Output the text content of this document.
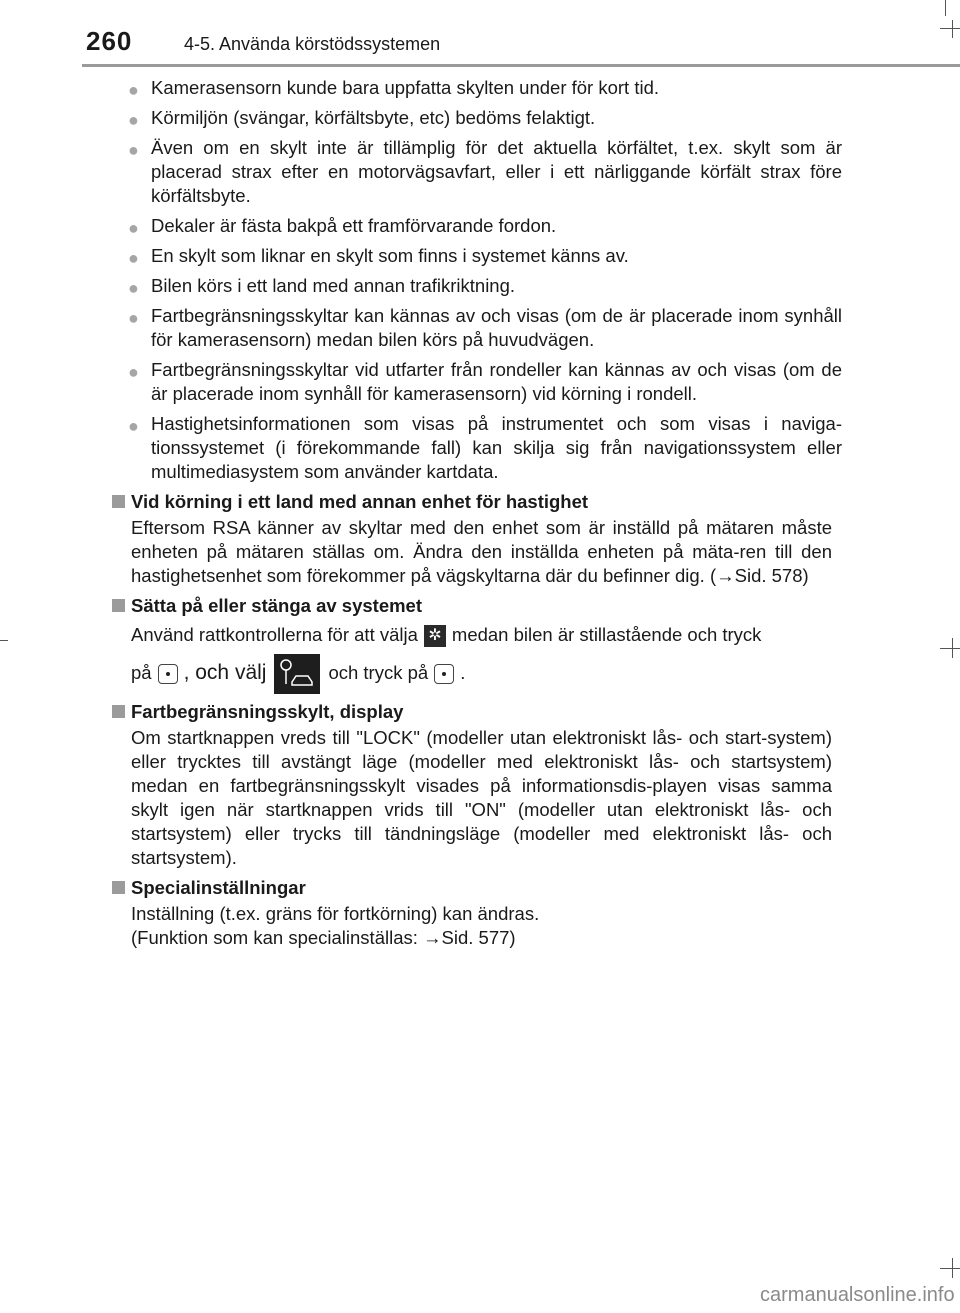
260	4-5. Använda körstödssystemen
● Kamerasensorn kunde bara uppfatta skylten under för kort tid.
● Körmiljön (svängar, körfältsbyte, etc) bedöms felaktigt.
● Även om en skylt inte är tillämplig för det aktuella körfältet, t.ex. skylt som är placerad strax efter en motorvägsavfart, eller i ett närliggande körfält strax före körfältsbyte.
● Dekaler är fästa bakpå ett framförvarande fordon.
● En skylt som liknar en skylt som finns i systemet känns av.
● Bilen körs i ett land med annan trafikriktning.
● Fartbegränsningsskyltar kan kännas av och visas (om de är placerade inom synhåll för kamerasensorn) medan bilen körs på huvudvägen.
● Fartbegränsningsskyltar vid utfarter från rondeller kan kännas av och visas (om de är placerade inom synhåll för kamerasensorn) vid körning i rondell.
● Hastighetsinformationen som visas på instrumentet och som visas i naviga-tionssystemet (i förekommande fall) kan skilja sig från navigationssystem eller multimediasystem som använder kartdata.
Vid körning i ett land med annan enhet för hastighet
Eftersom RSA känner av skyltar med den enhet som är inställd på mätaren måste enheten på mätaren ställas om. Ändra den inställda enheten på mäta-ren till den hastighetsenhet som förekommer på vägskyltarna där du befinner dig. (→Sid. 578)
Sätta på eller stänga av systemet
Använd rattkontrollerna för att välja ✲ medan bilen är stillastående och tryck
på , och välj	och tryck på .
Fartbegränsningsskylt, display
Om startknappen vreds till "LOCK" (modeller utan elektroniskt lås- och start-system) eller trycktes till avstängt läge (modeller med elektroniskt lås- och startsystem) medan en fartbegränsningsskylt visades på informationsdis-playen visas samma skylt igen när startknappen vrids till "ON" (modeller utan elektroniskt lås- och startsystem) eller trycks till tändningsläge (modeller med elektroniskt lås- och startsystem).
Specialinställningar
Inställning (t.ex. gräns för fortkörning) kan ändras.
(Funktion som kan specialinställas: →Sid. 577)
carmanualsonline.info
